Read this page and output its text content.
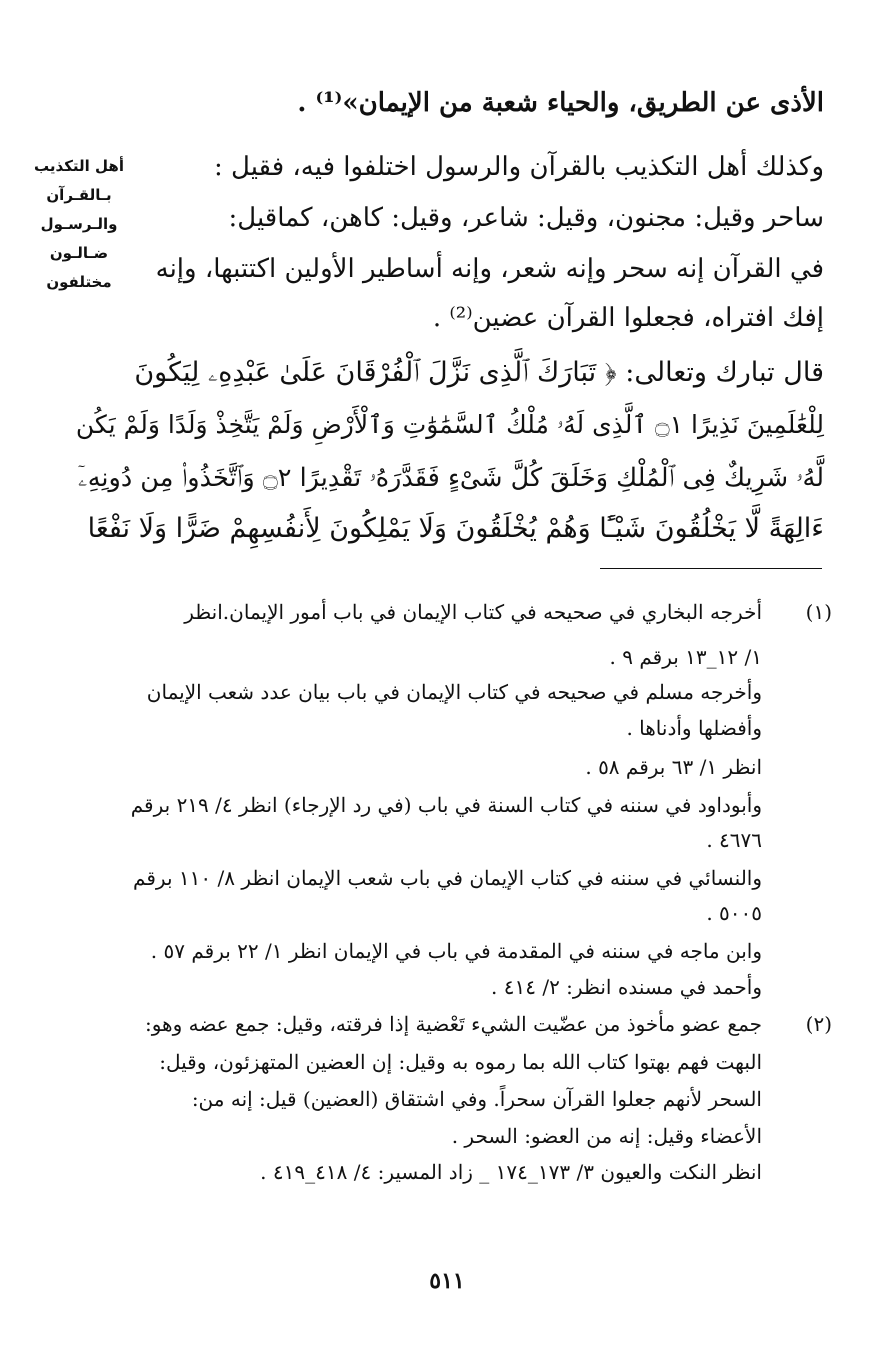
الأذى عن الطريق، والحياء شعبة من الإيمان»⁽¹⁾ .
وكذلك أهل التكذيب بالقرآن والرسول اختلفوا فيه، فقيل :
ساحر وقيل: مجنون، وقيل: شاعر، وقيل: كاهن، كماقيل:
في القرآن إنه سحر وإنه شعر، وإنه أساطير الأولين اكتتبها، وإنه
إفك افتراه، فجعلوا القرآن عضين⁽²⁾ .
قال تبارك وتعالى: ﴿ تَبَارَكَ ٱلَّذِى نَزَّلَ ٱلْفُرْقَانَ عَلَىٰ عَبْدِهِۦ لِيَكُونَ
لِلْعَٰلَمِينَ نَذِيرًا ۝١ ٱلَّذِى لَهُۥ مُلْكُ ٱلسَّمَٰوَٰتِ وَٱلْأَرْضِ وَلَمْ يَتَّخِذْ وَلَدًا وَلَمْ يَكُن
لَّهُۥ شَرِيكٌ فِى ٱلْمُلْكِ وَخَلَقَ كُلَّ شَىْءٍ فَقَدَّرَهُۥ تَقْدِيرًا ۝٢ وَٱتَّخَذُوا۟ مِن دُونِهِۦٓ
ءَالِهَةً لَّا يَخْلُقُونَ شَيْـًٔا وَهُمْ يُخْلَقُونَ وَلَا يَمْلِكُونَ لِأَنفُسِهِمْ ضَرًّا وَلَا نَفْعًا
أهل التكذيب
بـالقـرآن
والـرسـول
ضـالـون
مختلفون
(١)
أخرجه البخاري في صحيحه في كتاب الإيمان في باب أمور الإيمان.انظر
١/ ١٢_١٣ برقم ٩ .
وأخرجه مسلم في صحيحه في كتاب الإيمان في باب بيان عدد شعب الإيمان
وأفضلها وأدناها .
انظر ١/ ٦٣ برقم ٥٨ .
وأبوداود في سننه في كتاب السنة في باب (في رد الإرجاء) انظر ٤/ ٢١٩ برقم
٤٦٧٦ .
والنسائي في سننه في كتاب الإيمان في باب شعب الإيمان انظر ٨/ ١١٠ برقم
٥٠٠٥ .
وابن ماجه في سننه في المقدمة في باب في الإيمان انظر ١/ ٢٢ برقم ٥٧ .
وأحمد في مسنده انظر: ٢/ ٤١٤ .
(٢)
جمع عضو مأخوذ من عضّيت الشيء تَعْضية إذا فرقته، وقيل: جمع عضه وهو:
البهت فهم بهتوا كتاب الله بما رموه به وقيل: إن العضين المتهزئون، وقيل:
السحر لأنهم جعلوا القرآن سحراً. وفي اشتقاق (العضين) قيل: إنه من:
الأعضاء وقيل: إنه من العضو: السحر .
انظر النكت والعيون ٣/ ١٧٣_١٧٤ _ زاد المسير: ٤/ ٤١٨_٤١٩ .
٥١١
